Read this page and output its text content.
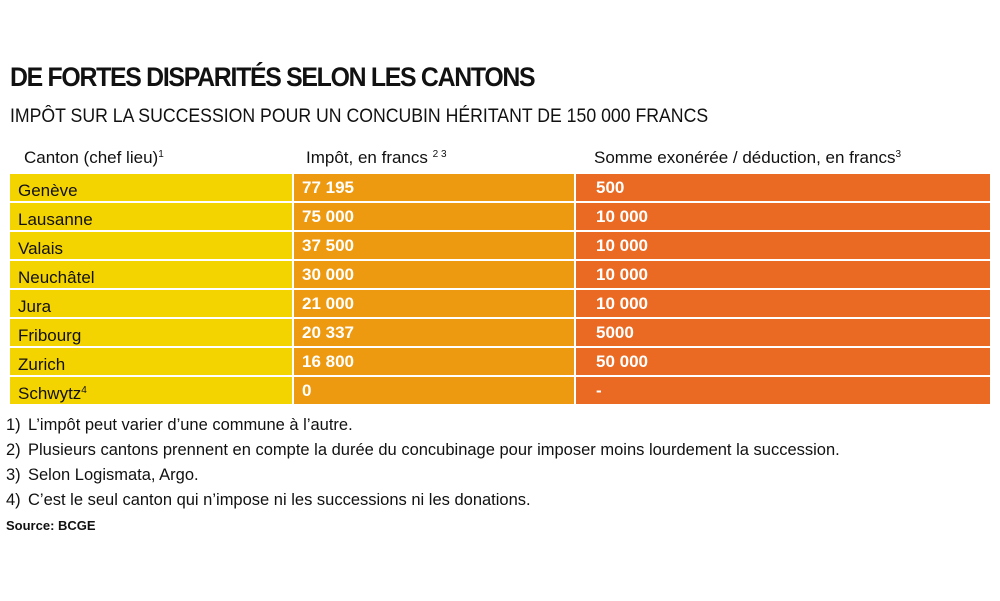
DE FORTES DISPARITÉS SELON LES CANTONS
IMPÔT SUR LA SUCCESSION POUR UN CONCUBIN HÉRITANT DE 150 000 FRANCS
Canton (chef lieu)$^1$	Impôt, en francs $^{2 3}$	Somme exonérée / déduction, en francs$^3$
Genève	77 195	500
Lausanne	75 000	10 000
Valais	37 500	10 000
Neuchâtel	30 000	10 000
Jura	21 000	10 000
Fribourg	20 337	5000
Zurich	16 800	50 000
Schwytz$^4$	0	-
1) L’impôt peut varier d’une commune à l’autre.
2) Plusieurs cantons prennent en compte la durée du concubinage pour imposer moins lourdement la succession.
3) Selon Logismata, Argo.
4) C’est le seul canton qui n’impose ni les successions ni les donations.
Source: BCGE
